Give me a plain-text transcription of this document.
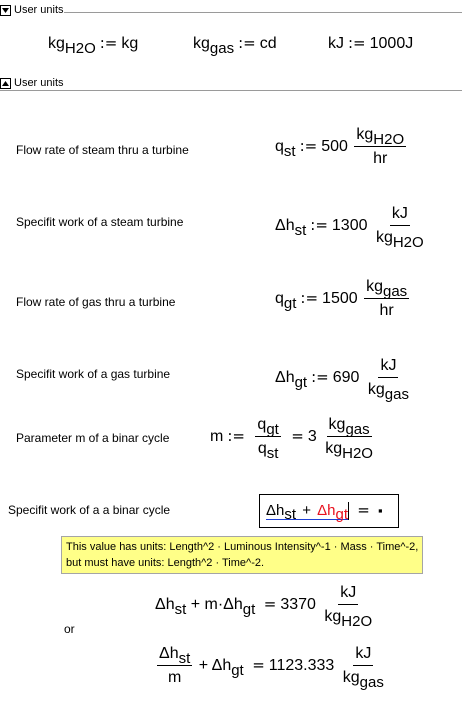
User units
kgH2O := kg	kggas := cd	kJ := 1000J
User units
Flow rate of steam thru a turbine	qst := $500 \frac{\text{kgH2O}}{hr}$
Specifit work of a steam turbine	Δhst := $1300 \frac{kJ}{\text{kgH2O}}$
Flow rate of gas thru a turbine	qgt := $1500 \frac{\text{kggas}}{hr}$
Specifit work of a gas turbine	Δhgt := $690 \frac{kJ}{\text{kggas}}$
Parameter m of a binar cycle	m := $\frac{\text{qgt}}{\text{qst}} = 3 \frac{\text{kggas}}{\text{kgH2O}}$
Specifit work of a a binar cycle	Δhst + Δhgt = ▪
This value has units: Length^2 · Luminous Intensity^-1 · Mass · Time^-2,
but must have units: Length^2 · Time^-2.
$\Delta hst + m\cdot\Delta hgt = 3370 \frac{kJ}{\text{kgH2O}}$
or
$\frac{\text{Δhst}}{m} + \Delta hgt = 1123.333 \frac{kJ}{\text{kggas}}$
